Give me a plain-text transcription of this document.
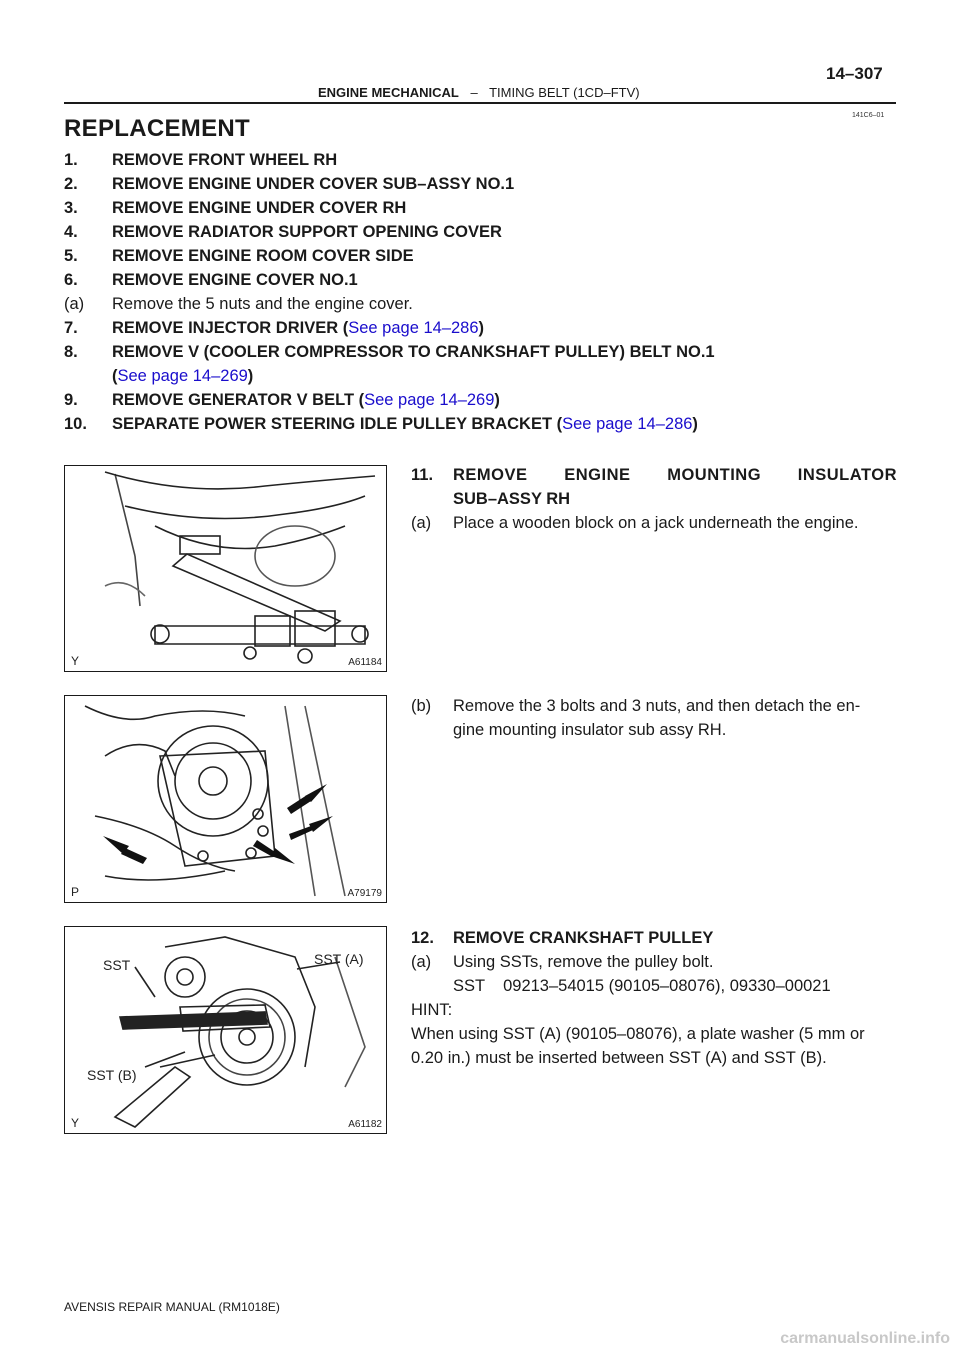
14–307
ENGINE MECHANICAL – TIMING BELT (1CD–FTV)
141C6–01
REPLACEMENT
1.	REMOVE FRONT WHEEL RH
2.	REMOVE ENGINE UNDER COVER SUB–ASSY NO.1
3.	REMOVE ENGINE UNDER COVER RH
4.	REMOVE RADIATOR SUPPORT OPENING COVER
5.	REMOVE ENGINE ROOM COVER SIDE
6.	REMOVE ENGINE COVER NO.1
(a)	Remove the 5 nuts and the engine cover.
7.	REMOVE INJECTOR DRIVER (See page 14–286)
8.	REMOVE V (COOLER COMPRESSOR TO CRANKSHAFT PULLEY) BELT NO.1
(See page 14–269)
9.	REMOVE GENERATOR V BELT (See page 14–269)
10.	SEPARATE POWER STEERING IDLE PULLEY BRACKET (See page 14–286)
Y	A61184
P	A79179
SST	SST (A)
SST (B)
Y	A61182
11. REMOVE ENGINE MOUNTING INSULATOR
SUB–ASSY RH
(a)	Place a wooden block on a jack underneath the engine.
(b)	Remove the 3 bolts and 3 nuts, and then detach the en-
gine mounting insulator sub assy RH.
12.	REMOVE CRANKSHAFT PULLEY
(a)	Using SSTs, remove the pulley bolt.
SST 09213–54015 (90105–08076), 09330–00021
HINT:
When using SST (A) (90105–08076), a plate washer (5 mm or
0.20 in.) must be inserted between SST (A) and SST (B).
AVENSIS REPAIR MANUAL (RM1018E)
carmanualsonline.info
